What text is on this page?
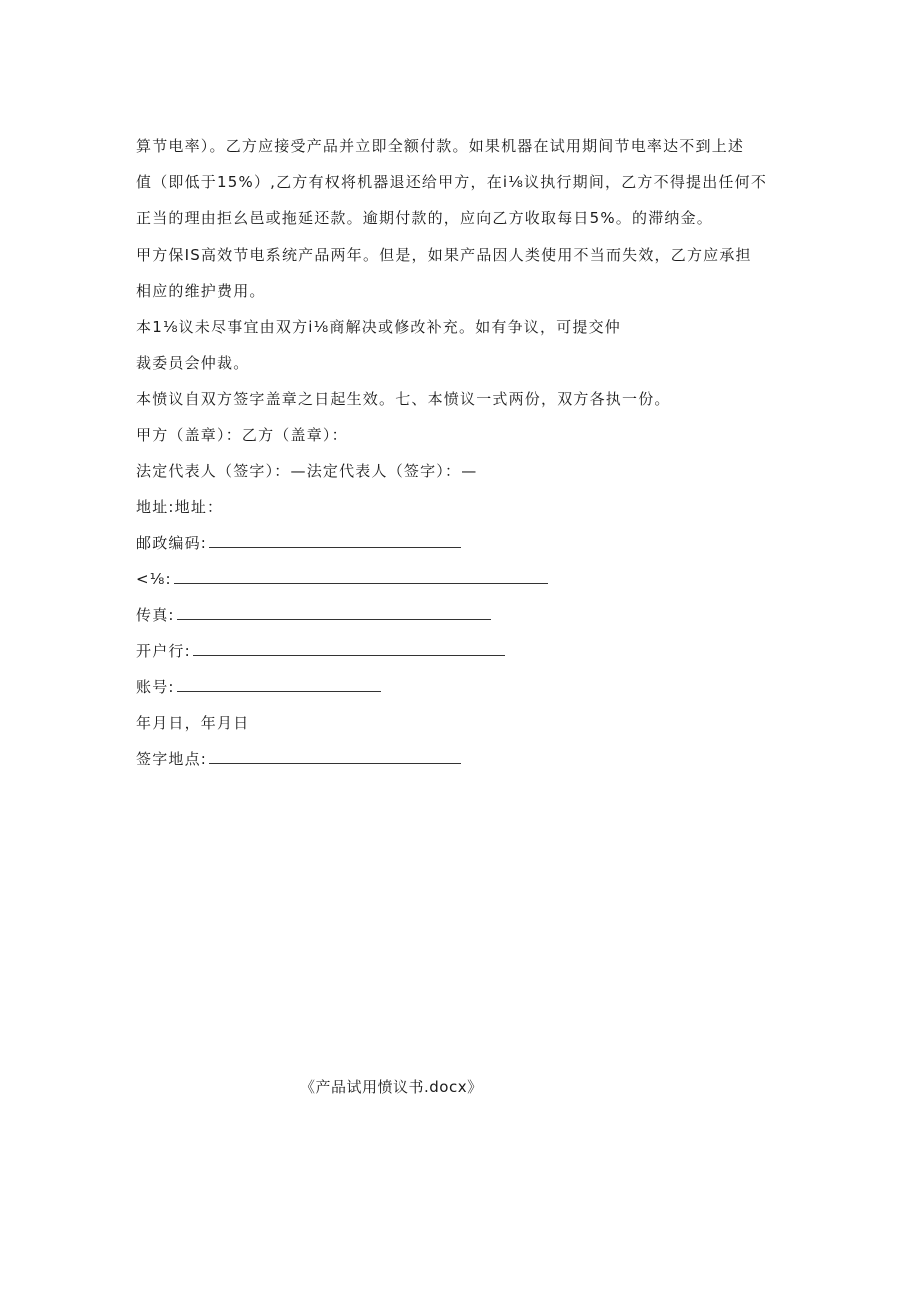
算节电率）。乙方应接受产品并立即全额付款。如果机器在试用期间节电率达不到上述
值（即低于15%）,乙方有权将机器退还给甲方，在i⅛议执行期间，乙方不得提出任何不
正当的理由拒幺邑或拖延还款。逾期付款的，应向乙方收取每日5%。的滞纳金。
甲方保IS高效节电系统产品两年。但是，如果产品因人类使用不当而失效，乙方应承担
相应的维护费用。
本1⅛议未尽事宜由双方i⅛商解决或修改补充。如有争议，可提交仲
裁委员会仲裁。
本愤议自双方签字盖章之日起生效。七、本愤议一式两份，双方各执一份。
甲方（盖章）：乙方（盖章）：
法定代表人（签字）：—法定代表人（签字）：—
地址:地址：
邮政编码:
<⅛:
传真:
开户行:
账号:
年月日，年月日
签字地点:
《产品试用愤议书.docx》
